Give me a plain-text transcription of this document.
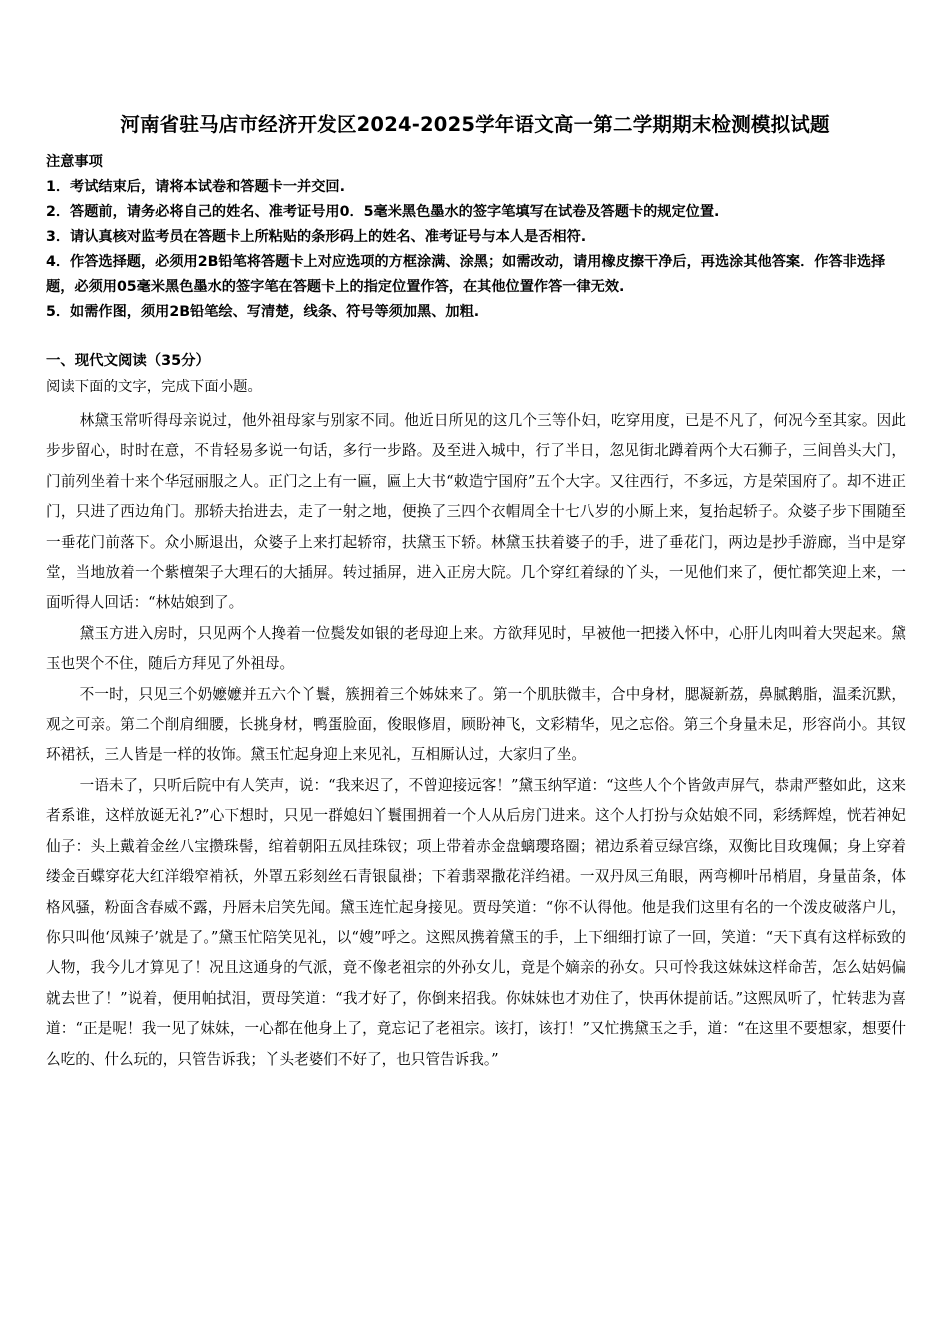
河南省驻马店市经济开发区2024-2025学年语文高一第二学期期末检测模拟试题
注意事项
1．考试结束后，请将本试卷和答题卡一并交回.
2．答题前，请务必将自己的姓名、准考证号用0．5毫米黑色墨水的签字笔填写在试卷及答题卡的规定位置.
3．请认真核对监考员在答题卡上所粘贴的条形码上的姓名、准考证号与本人是否相符.
4．作答选择题，必须用2B铅笔将答题卡上对应选项的方框涂满、涂黑；如需改动，请用橡皮擦干净后，再选涂其他答案．作答非选择题，必须用05毫米黑色墨水的签字笔在答题卡上的指定位置作答，在其他位置作答一律无效.
5．如需作图，须用2B铅笔绘、写清楚，线条、符号等须加黑、加粗.
一、现代文阅读（35分）
阅读下面的文字，完成下面小题。

林黛玉常听得母亲说过，他外祖母家与别家不同。他近日所见的这几个三等仆妇，吃穿用度，已是不凡了，何况今至其家。因此步步留心，时时在意，不肯轻易多说一句话，多行一步路。及至进入城中，行了半日，忽见街北蹲着两个大石狮子，三间兽头大门，门前列坐着十来个华冠丽服之人。正门之上有一匾，匾上大书“敕造宁国府”五个大字。又往西行，不多远，方是荣国府了。却不进正门，只进了西边角门。那轿夫抬进去，走了一射之地，便换了三四个衣帽周全十七八岁的小厮上来，复抬起轿子。众婆子步下围随至一垂花门前落下。众小厮退出，众婆子上来打起轿帘，扶黛玉下轿。林黛玉扶着婆子的手，进了垂花门，两边是抄手游廊，当中是穿堂，当地放着一个紫檀架子大理石的大插屏。转过插屏，进入正房大院。几个穿红着绿的丫头，一见他们来了，便忙都笑迎上来，一面听得人回话：“林姑娘到了。

黛玉方进入房时，只见两个人搀着一位鬓发如银的老母迎上来。方欲拜见时，早被他一把搂入怀中，心肝儿肉叫着大哭起来。黛玉也哭个不住，随后方拜见了外祖母。

不一时，只见三个奶嬷嬷并五六个丫鬟，簇拥着三个姊妹来了。第一个肌肤微丰，合中身材，腮凝新荔，鼻腻鹅脂，温柔沉默，观之可亲。第二个削肩细腰，长挑身材，鸭蛋脸面，俊眼修眉，顾盼神飞，文彩精华，见之忘俗。第三个身量未足，形容尚小。其钗环裙袄，三人皆是一样的妆饰。黛玉忙起身迎上来见礼，互相厮认过，大家归了坐。

一语未了，只听后院中有人笑声，说：“我来迟了，不曾迎接远客！”黛玉纳罕道：“这些人个个皆敛声屏气，恭肃严整如此，这来者系谁，这样放诞无礼?”心下想时，只见一群媳妇丫鬟围拥着一个人从后房门进来。这个人打扮与众姑娘不同，彩绣辉煌，恍若神妃仙子：头上戴着金丝八宝攒珠髻，绾着朝阳五凤挂珠钗；项上带着赤金盘螭璎珞圈；裙边系着豆绿宫绦，双衡比目玫瑰佩；身上穿着缕金百蝶穿花大红洋缎窄褃袄，外罩五彩刻丝石青银鼠褂；下着翡翠撒花洋绉裙。一双丹凤三角眼，两弯柳叶吊梢眉，身量苗条，体格风骚，粉面含春威不露，丹唇未启笑先闻。黛玉连忙起身接见。贾母笑道：“你不认得他。他是我们这里有名的一个泼皮破落户儿，你只叫他‘凤辣子’就是了。”黛玉忙陪笑见礼，以“嫂”呼之。这熙凤携着黛玉的手，上下细细打谅了一回，笑道：“天下真有这样标致的人物，我今儿才算见了！况且这通身的气派，竟不像老祖宗的外孙女儿，竟是个嫡亲的孙女。只可怜我这妹妹这样命苦，怎么姑妈偏就去世了！”说着，便用帕拭泪，贾母笑道：“我才好了，你倒来招我。你妹妹也才劝住了，快再休提前话。”这熙凤听了，忙转悲为喜道：“正是呢！我一见了妹妹，一心都在他身上了，竟忘记了老祖宗。该打，该打！”又忙携黛玉之手，道：“在这里不要想家，想要什么吃的、什么玩的，只管告诉我；丫头老婆们不好了，也只管告诉我。”
